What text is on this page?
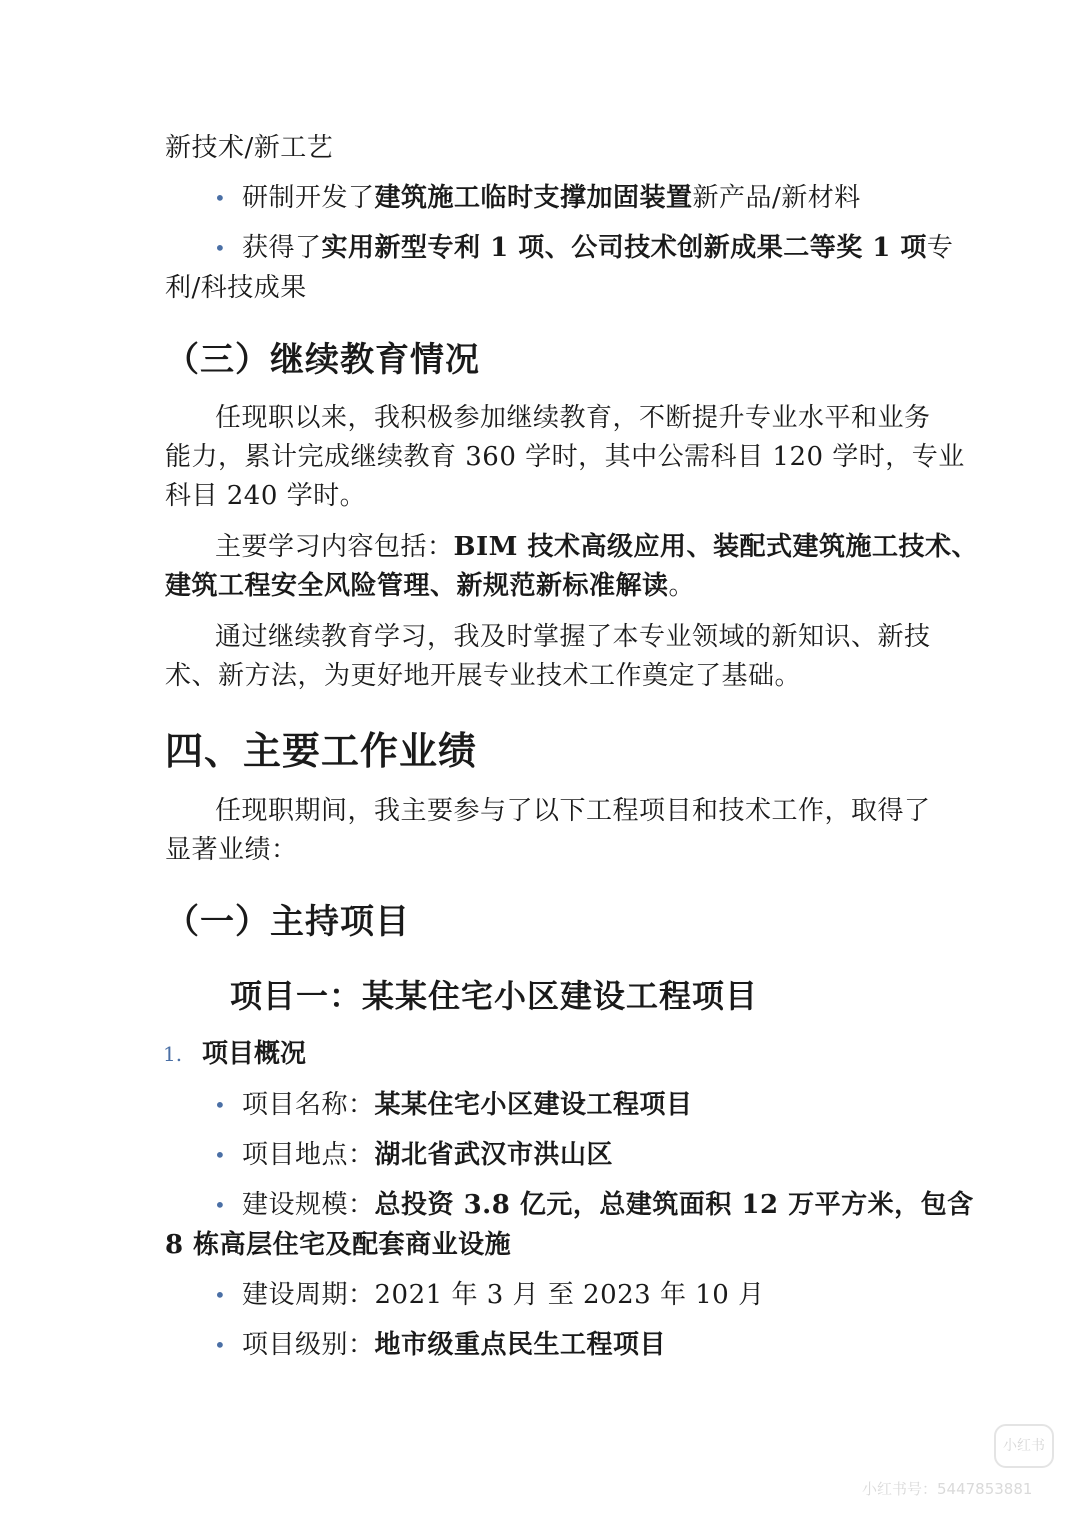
新技术/新工艺
• 研制开发了建筑施工临时支撑加固装置新产品/新材料
• 获得了实用新型专利 1 项、公司技术创新成果二等奖 1 项专
利/科技成果
（三）继续教育情况
任现职以来，我积极参加继续教育，不断提升专业水平和业务
能力，累计完成继续教育 360 学时，其中公需科目 120 学时，专业
科目 240 学时。
主要学习内容包括：BIM 技术高级应用、装配式建筑施工技术、
建筑工程安全风险管理、新规范新标准解读。
通过继续教育学习，我及时掌握了本专业领域的新知识、新技
术、新方法，为更好地开展专业技术工作奠定了基础。
四、主要工作业绩
任现职期间，我主要参与了以下工程项目和技术工作，取得了
显著业绩：
（一）主持项目
项目一：某某住宅小区建设工程项目
1. 项目概况
• 项目名称：某某住宅小区建设工程项目
• 项目地点：湖北省武汉市洪山区
• 建设规模：总投资 3.8 亿元，总建筑面积 12 万平方米，包含
8 栋高层住宅及配套商业设施
• 建设周期：2021 年 3 月 至 2023 年 10 月
• 项目级别：地市级重点民生工程项目
小红书
小红书号：5447853881
